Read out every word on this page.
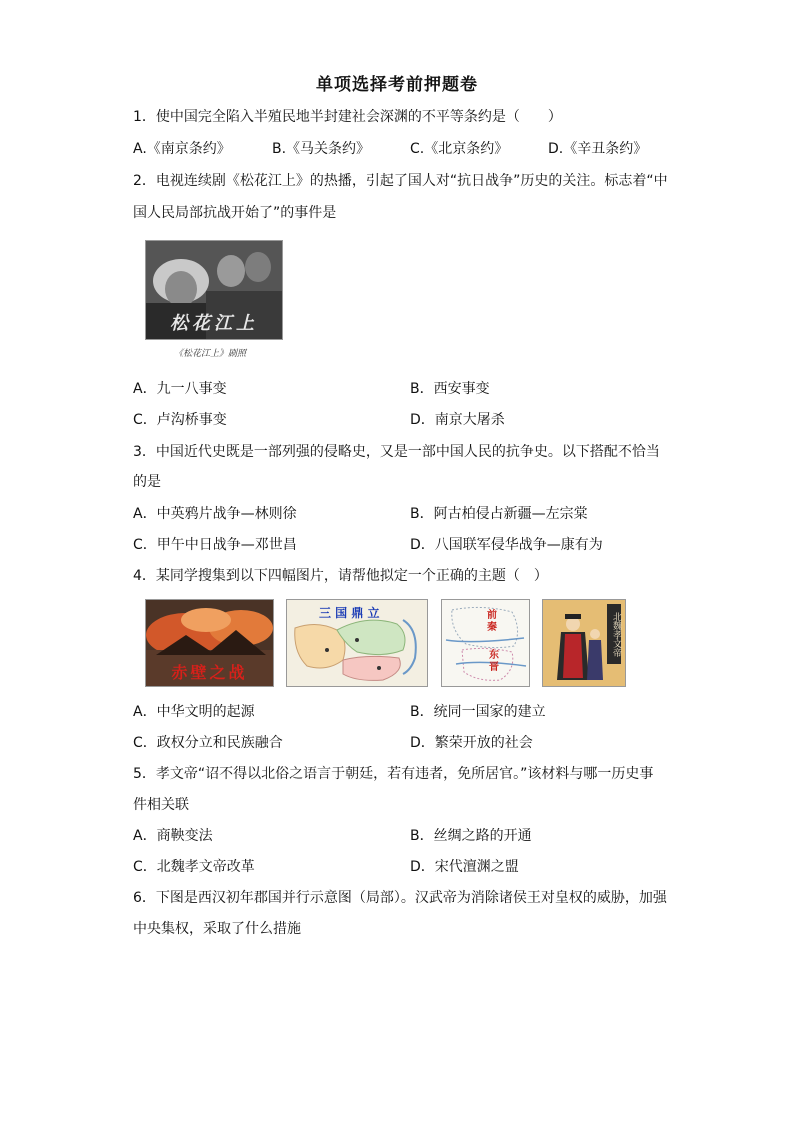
单项选择考前押题卷
1．使中国完全陷入半殖民地半封建社会深渊的不平等条约是（　　）
A.《南京条约》	B.《马关条约》	C.《北京条约》	D.《辛丑条约》
2．电视连续剧《松花江上》的热播，引起了国人对“抗日战争”历史的关注。标志着“中
国人民局部抗战开始了”的事件是
松花江上
《松花江上》剧照
A．九一八事变	B．西安事变
C．卢沟桥事变	D．南京大屠杀
3．中国近代史既是一部列强的侵略史，又是一部中国人民的抗争史。以下搭配不恰当
的是
A．中英鸦片战争—林则徐	B．阿古柏侵占新疆—左宗棠
C．甲午中日战争—邓世昌	D．八国联军侵华战争—康有为
4．某同学搜集到以下四幅图片，请帮他拟定一个正确的主题（　）
赤壁之战
三 国 鼎 立	前
秦
东
晋
北魏孝文帝
A．中华文明的起源	B．统同一国家的建立
C．政权分立和民族融合	D．繁荣开放的社会
5．孝文帝“诏不得以北俗之语言于朝廷，若有违者，免所居官。”该材料与哪一历史事
件相关联
A．商鞅变法	B．丝绸之路的开通
C．北魏孝文帝改革	D．宋代澶渊之盟
6．下图是西汉初年郡国并行示意图（局部）。汉武帝为消除诸侯王对皇权的威胁，加强
中央集权，采取了什么措施
